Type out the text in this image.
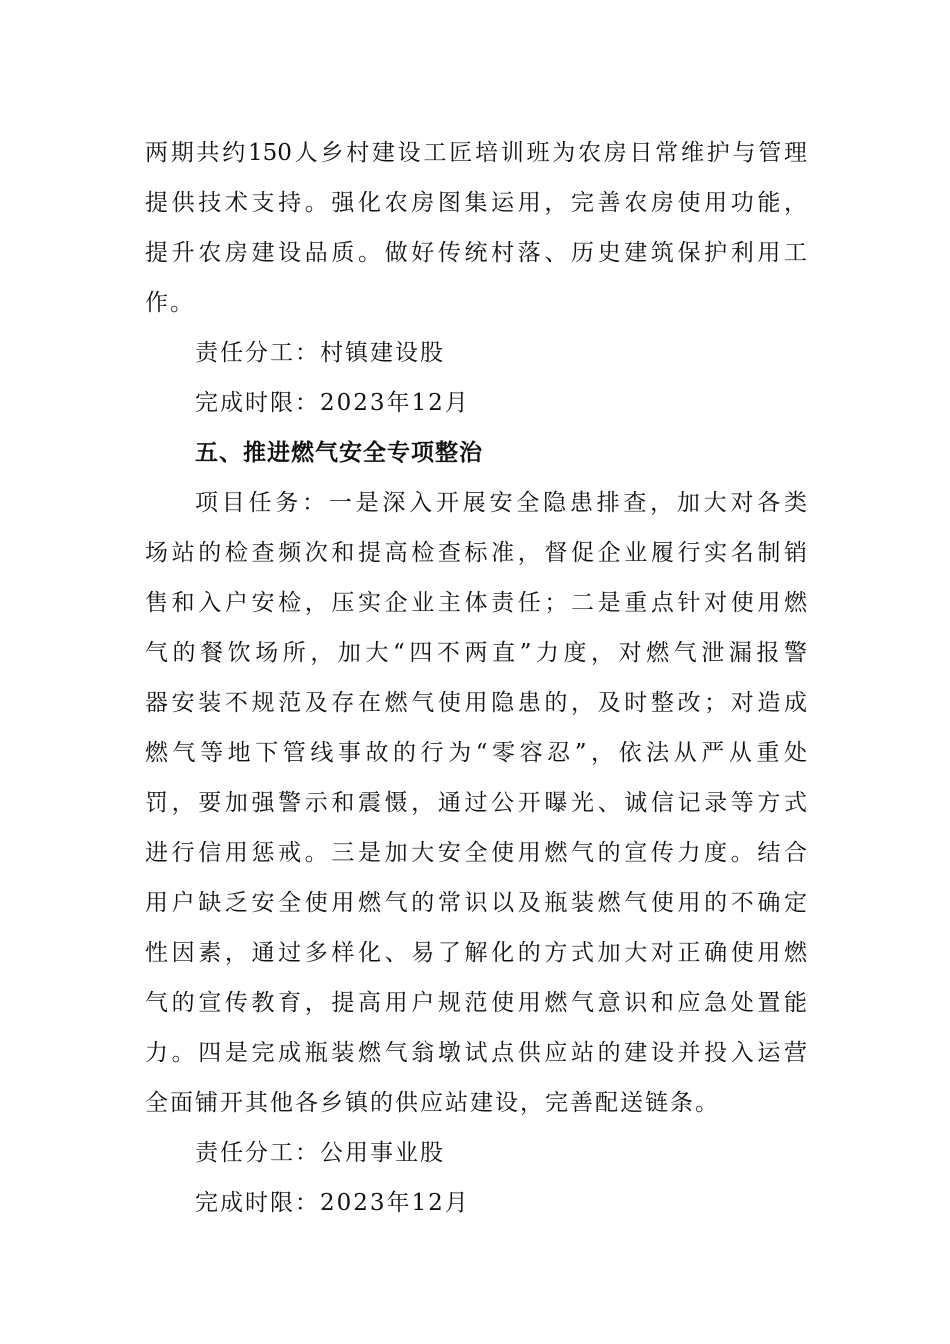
两期共约150人乡村建设工匠培训班为农房日常维护与管理
提供技术支持。强化农房图集运用，完善农房使用功能，
提升农房建设品质。做好传统村落、历史建筑保护利用工
作。
责任分工：村镇建设股
完成时限：2023年12月
五、推进燃气安全专项整治
项目任务：一是深入开展安全隐患排查，加大对各类
场站的检查频次和提高检查标准，督促企业履行实名制销
售和入户安检，压实企业主体责任；二是重点针对使用燃
气的餐饮场所，加大“四不两直”力度，对燃气泄漏报警
器安装不规范及存在燃气使用隐患的，及时整改；对造成
燃气等地下管线事故的行为“零容忍”，依法从严从重处
罚，要加强警示和震慑，通过公开曝光、诚信记录等方式
进行信用惩戒。三是加大安全使用燃气的宣传力度。结合
用户缺乏安全使用燃气的常识以及瓶装燃气使用的不确定
性因素，通过多样化、易了解化的方式加大对正确使用燃
气的宣传教育，提高用户规范使用燃气意识和应急处置能
力。四是完成瓶装燃气翁墩试点供应站的建设并投入运营
全面铺开其他各乡镇的供应站建设，完善配送链条。
责任分工：公用事业股
完成时限：2023年12月
